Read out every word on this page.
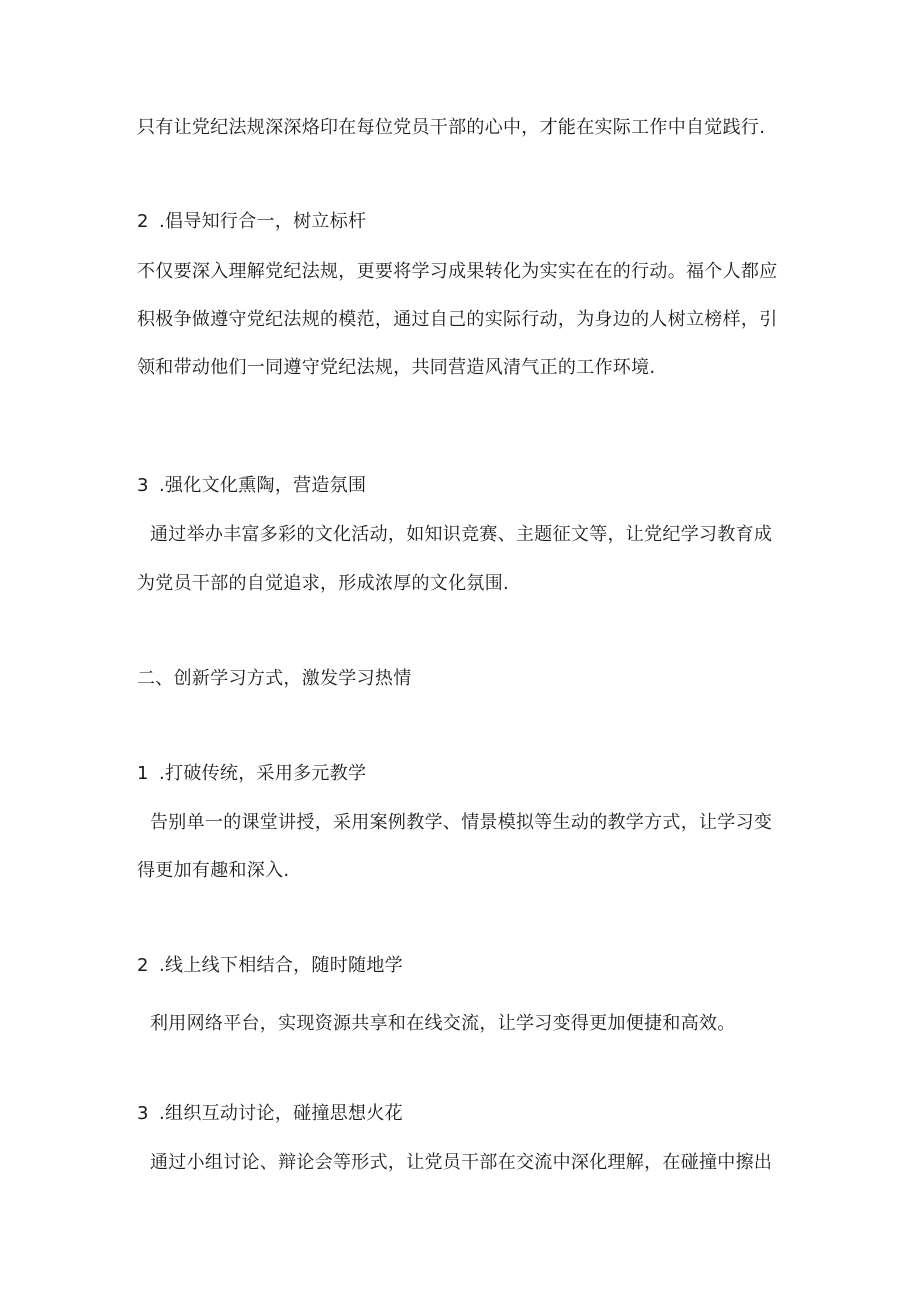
只有让党纪法规深深烙印在每位党员干部的心中，才能在实际工作中自觉践行.
2 .倡导知行合一，树立标杆
不仅要深入理解党纪法规，更要将学习成果转化为实实在在的行动。福个人都应
积极争做遵守党纪法规的模范，通过自己的实际行动，为身边的人树立榜样，引
领和带动他们一同遵守党纪法规，共同营造风清气正的工作环境.
3 .强化文化熏陶，营造氛围
通过举办丰富多彩的文化活动，如知识竞赛、主题征文等，让党纪学习教育成
为党员干部的自觉追求，形成浓厚的文化氛围.
二、创新学习方式，激发学习热情
1 .打破传统，采用多元教学
告别单一的课堂讲授，采用案例教学、情景模拟等生动的教学方式，让学习变
得更加有趣和深入.
2 .线上线下相结合，随时随地学
利用网络平台，实现资源共享和在线交流，让学习变得更加便捷和高效。
3 .组织互动讨论，碰撞思想火花
通过小组讨论、辩论会等形式，让党员干部在交流中深化理解，在碰撞中擦出
